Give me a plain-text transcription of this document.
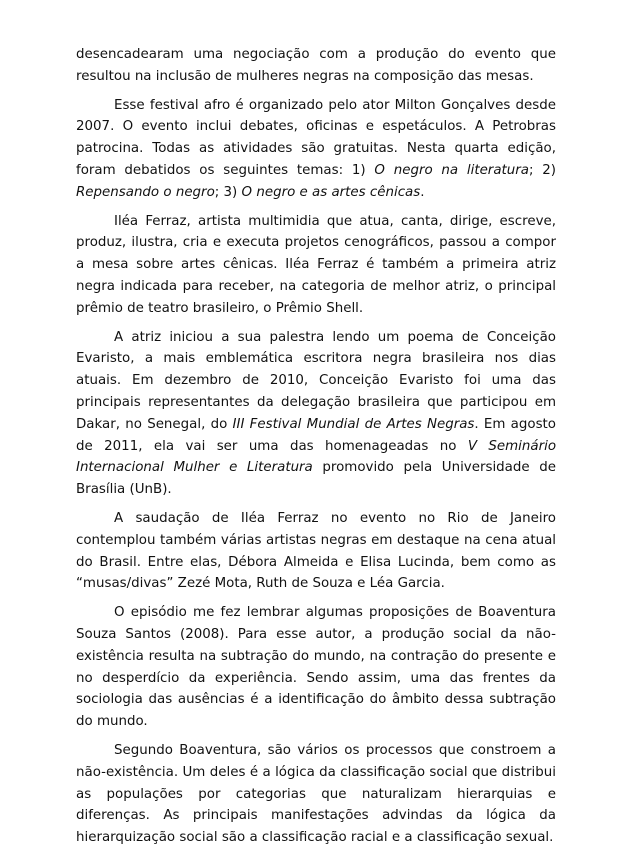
desencadearam uma negociação com a produção do evento que resultou na inclusão de mulheres negras na composição das mesas.

Esse festival afro é organizado pelo ator Milton Gonçalves desde 2007. O evento inclui debates, oficinas e espetáculos. A Petrobras patrocina. Todas as atividades são gratuitas. Nesta quarta edição, foram debatidos os seguintes temas: 1) O negro na literatura; 2) Repensando o negro; 3) O negro e as artes cênicas.

Iléa Ferraz, artista multimidia que atua, canta, dirige, escreve, produz, ilustra, cria e executa projetos cenográficos, passou a compor a mesa sobre artes cênicas. Iléa Ferraz é também a primeira atriz negra indicada para receber, na categoria de melhor atriz, o principal prêmio de teatro brasileiro, o Prêmio Shell.

A atriz iniciou a sua palestra lendo um poema de Conceição Evaristo, a mais emblemática escritora negra brasileira nos dias atuais. Em dezembro de 2010, Conceição Evaristo foi uma das principais representantes da delegação brasileira que participou em Dakar, no Senegal, do III Festival Mundial de Artes Negras. Em agosto de 2011, ela vai ser uma das homenageadas no V Seminário Internacional Mulher e Literatura promovido pela Universidade de Brasília (UnB).

A saudação de Iléa Ferraz no evento no Rio de Janeiro contemplou também várias artistas negras em destaque na cena atual do Brasil. Entre elas, Débora Almeida e Elisa Lucinda, bem como as “musas/divas” Zezé Mota, Ruth de Souza e Léa Garcia.

O episódio me fez lembrar algumas proposições de Boaventura Souza Santos (2008). Para esse autor, a produção social da não-existência resulta na subtração do mundo, na contração do presente e no desperdício da experiência. Sendo assim, uma das frentes da sociologia das ausências é a identificação do âmbito dessa subtração do mundo.

Segundo Boaventura, são vários os processos que constroem a não-existência. Um deles é a lógica da classificação social que distribui as populações por categorias que naturalizam hierarquias e diferenças. As principais manifestações advindas da lógica da hierarquização social são a classificação racial e a classificação sexual.
